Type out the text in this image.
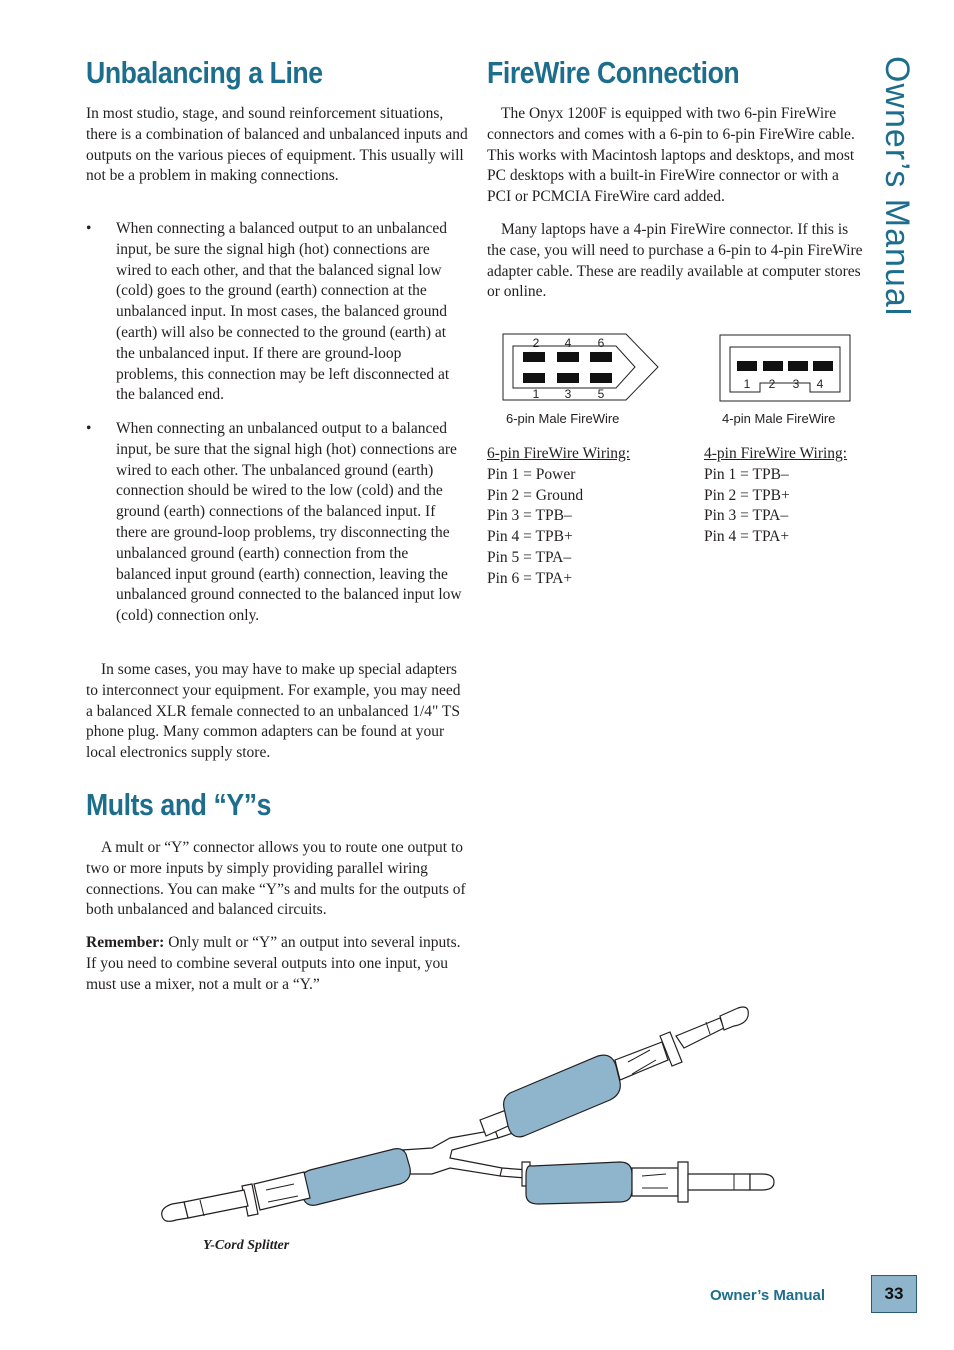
Owner’s Manual
Unbalancing a Line

In most studio, stage, and sound reinforcement situations, there is a combination of balanced and unbalanced inputs and outputs on the various pieces of equipment. This usually will not be a problem in making connections.

• When connecting a balanced output to an unbalanced input, be sure the signal high (hot) connections are wired to each other, and that the balanced signal low (cold) goes to the ground (earth) connection at the unbalanced input. In most cases, the balanced ground (earth) will also be connected to the ground (earth) at the unbalanced input. If there are ground-loop problems, this connection may be left disconnected at the balanced end.
• When connecting an unbalanced output to a balanced input, be sure that the signal high (hot) connections are wired to each other. The unbalanced ground (earth) connection should be wired to the low (cold) and the ground (earth) connections of the balanced input. If there are ground-loop problems, try disconnecting the unbalanced ground (earth) connection from the balanced input ground (earth) connection, leaving the unbalanced ground connected to the balanced input low (cold) connection only.

In some cases, you may have to make up special adapters to interconnect your equipment. For example, you may need a balanced XLR female connected to an unbalanced 1/4" TS phone plug. Many common adapters can be found at your local electronics supply store.

Mults and “Y”s

A mult or “Y” connector allows you to route one output to two or more inputs by simply providing parallel wiring connections. You can make “Y”s and mults for the outputs of both unbalanced and balanced circuits.

Remember: Only mult or “Y” an output into several inputs. If you need to combine several outputs into one input, you must use a mixer, not a mult or a “Y.”

FireWire Connection

The Onyx 1200F is equipped with two 6-pin FireWire connectors and comes with a 6-pin to 6-pin FireWire cable. This works with Macintosh laptops and desktops, and most PC desktops with a built-in FireWire connector or with a PCI or PCMCIA FireWire card added.

Many laptops have a 4-pin FireWire connector. If this is the case, you will need to purchase a 6-pin to 4-pin FireWire adapter cable. These are readily available at computer stores or online.

2 4 6
1 3 5
6-pin Male FireWire
1 2 3 4
4-pin Male FireWire
6-pin FireWire Wiring:
Pin 1 = Power
Pin 2 = Ground
Pin 3 = TPB–
Pin 4 = TPB+
Pin 5 = TPA–
Pin 6 = TPA+
4-pin FireWire Wiring:
Pin 1 = TPB–
Pin 2 = TPB+
Pin 3 = TPA–
Pin 4 = TPA+
Y-Cord Splitter
Owner’s Manual	33
